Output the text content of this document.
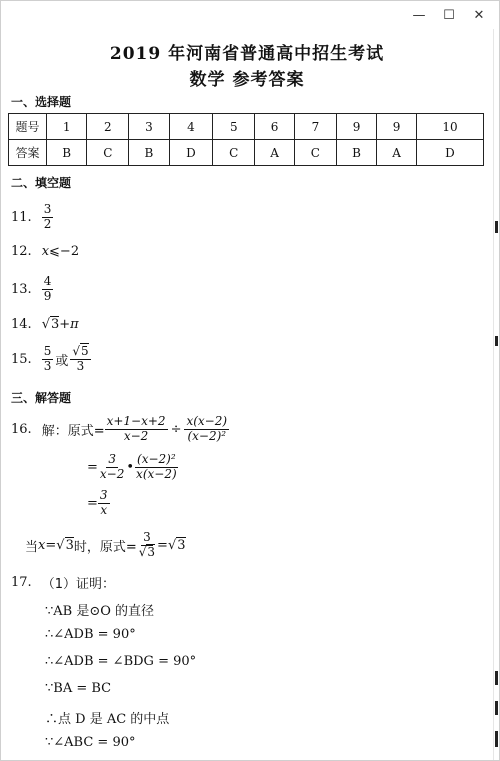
—	☐	✕
2019 年河南省普通高中招生考试
数学 参考答案
一、选择题
题号	1	2	3	4	5	6	7	9	9	10
答案	B	C	B	D	C	A	C	B	A	D
二、填空题
11. $\frac{3}{2}$
12. x ⩽−2
13. $\frac{4}{9}$
14. √ 3 + π
15. $\frac{5}{3}$ 或 $\frac{√5}{3}$
三、解答题
16. 解：原式= $\frac{x+1-x+2}{x-2} \div \frac{x(x-2)}{\text{(x−2)²}}$
= $\frac{3}{x-2}$ • $\frac{\text{(x−2)²}}{x(x-2)}$
= $\frac{3}{x}$
当 x = √ 3 时，原式= $\frac{3}{√3}$ = √ 3
17. （1）证明：
∵AB 是⊙O 的直径
∴∠ADB = 90°
∴∠ADB = ∠BDG = 90°
∵BA = BC
∴点 D 是 AC 的中点
∵∠ABC = 90°
